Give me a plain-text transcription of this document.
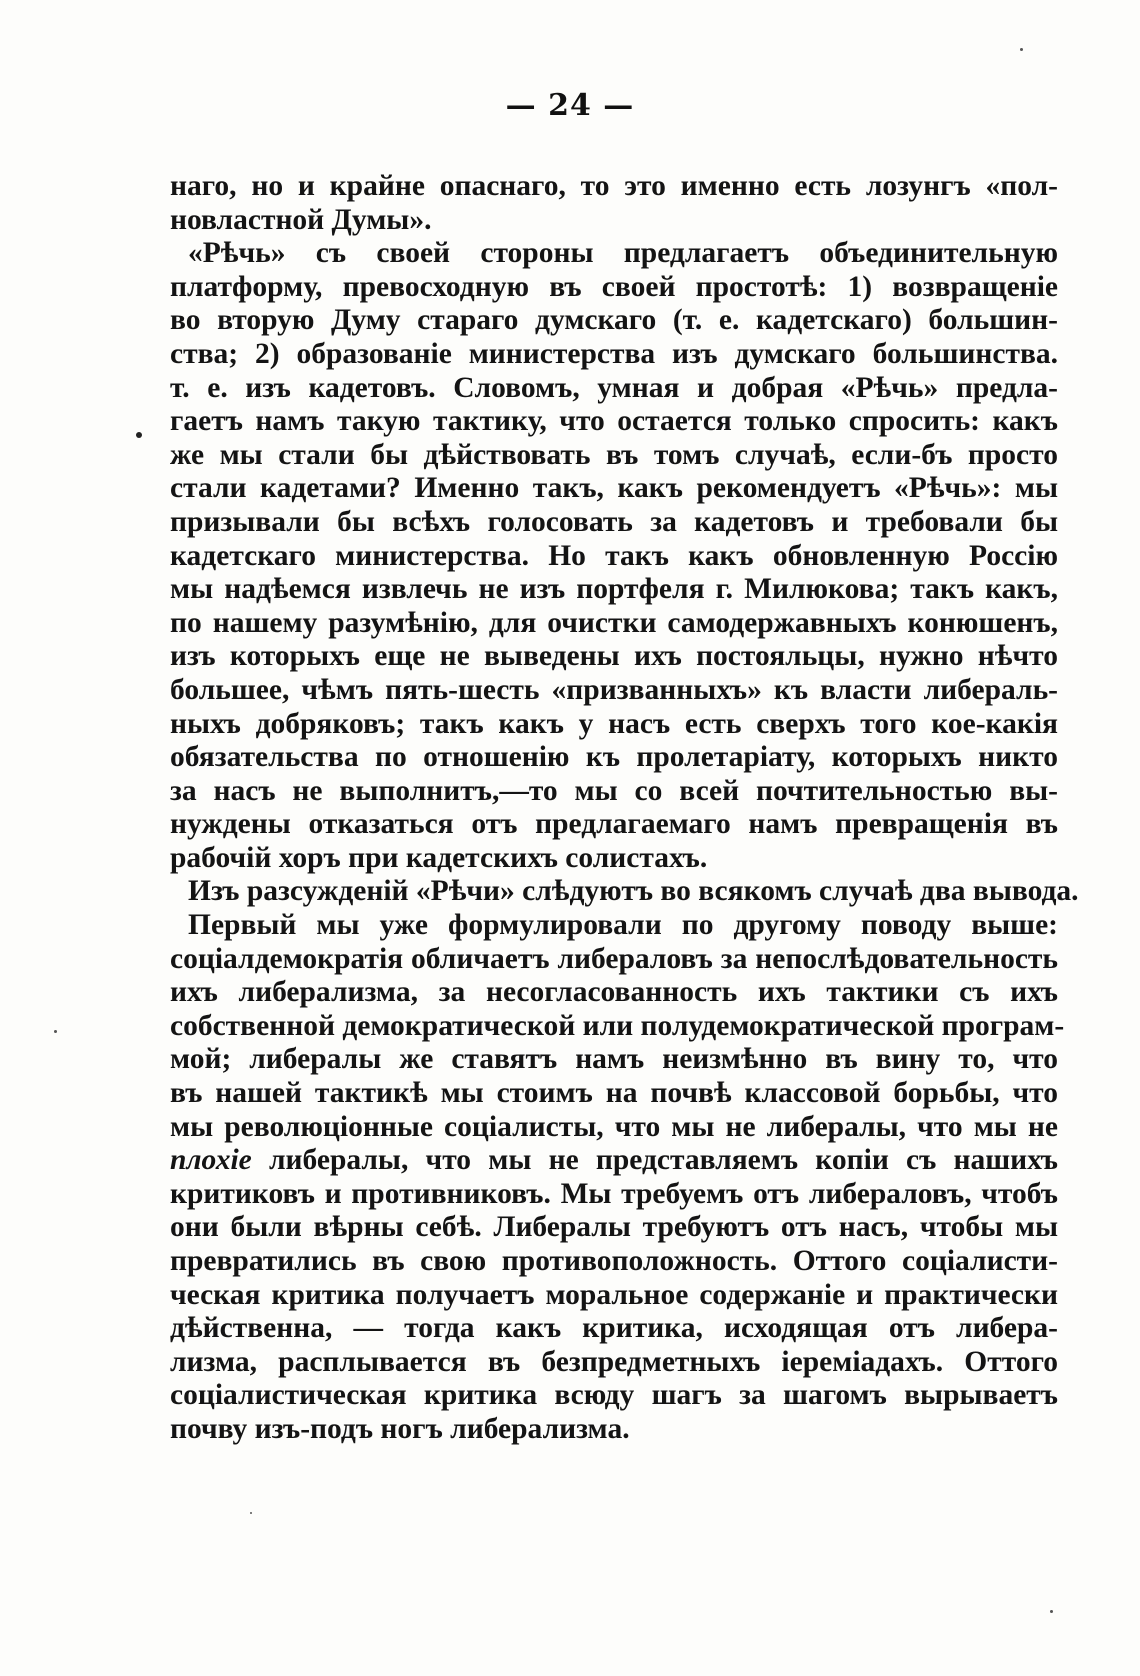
— 24 —
наго, но и крайне опаснаго, то это именно есть лозунгъ «пол-
новластной Думы».
«Рѣчь» съ своей стороны предлагаетъ объединительную
платформу, превосходную въ своей простотѣ: 1) возвращенiе
во вторую Думу стараго думскаго (т. е. кадетскаго) большин-
ства; 2) образованiе министерства изъ думскаго большинства.
т. е. изъ кадетовъ. Словомъ, умная и добрая «Рѣчь» предла-
гаетъ намъ такую тактику, что остается только спросить: какъ
же мы стали бы дѣйствовать въ томъ случаѣ, если-бъ просто
стали кадетами? Именно такъ, какъ рекомендуетъ «Рѣчь»: мы
призывали бы всѣхъ голосовать за кадетовъ и требовали бы
кадетскаго министерства. Но такъ какъ обновленную Россiю
мы надѣемся извлечь не изъ портфеля г. Милюкова; такъ какъ,
по нашему разумѣнiю, для очистки самодержавныхъ конюшенъ,
изъ которыхъ еще не выведены ихъ постояльцы, нужно нѣчто
большее, чѣмъ пять-шесть «призванныхъ» къ власти либераль-
ныхъ добряковъ; такъ какъ у насъ есть сверхъ того кое-какiя
обязательства по отношенiю къ пролетарiату, которыхъ никто
за насъ не выполнитъ,—то мы со всей почтительностью вы-
нуждены отказаться отъ предлагаемаго намъ превращенiя въ
рабочiй хоръ при кадетскихъ солистахъ.
Изъ разсужденiй «Рѣчи» слѣдуютъ во всякомъ случаѣ два вывода.
Первый мы уже формулировали по другому поводу выше:
соцiалдемократiя обличаетъ либераловъ за непослѣдовательность
ихъ либерализма, за несогласованность ихъ тактики съ ихъ
собственной демократической или полудемократической програм-
мой; либералы же ставятъ намъ неизмѣнно въ вину то, что
въ нашей тактикѣ мы стоимъ на почвѣ классовой борьбы, что
мы революцiонные соцiалисты, что мы не либералы, что мы не
плохiе либералы, что мы не представляемъ копiи съ нашихъ
критиковъ и противниковъ. Мы требуемъ отъ либераловъ, чтобъ
они были вѣрны себѣ. Либералы требуютъ отъ насъ, чтобы мы
превратились въ свою противоположность. Оттого соцiалисти-
ческая критика получаетъ моральное содержанiе и практически
дѣйственна, — тогда какъ критика, исходящая отъ либера-
лизма, расплывается въ безпредметныхъ iеремiадахъ. Оттого
соцiалистическая критика всюду шагъ за шагомъ вырываетъ
почву изъ-подъ ногъ либерализма.
